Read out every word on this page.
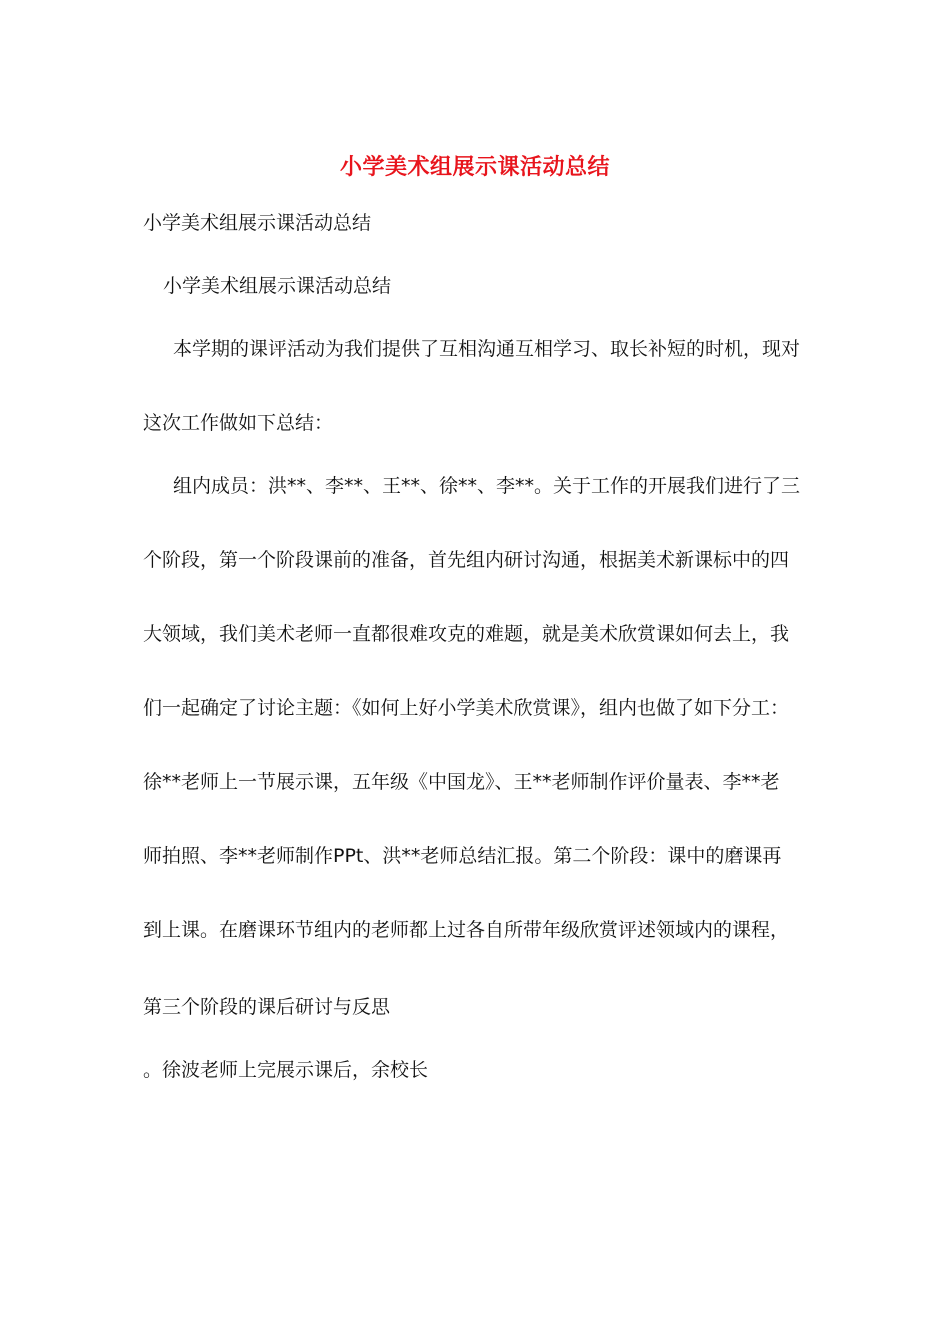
小学美术组展示课活动总结
小学美术组展示课活动总结
小学美术组展示课活动总结
本学期的课评活动为我们提供了互相沟通互相学习、取长补短的时机，现对
这次工作做如下总结：
组内成员：洪**、李**、王**、徐**、李**。关于工作的开展我们进行了三
个阶段，第一个阶段课前的准备，首先组内研讨沟通，根据美术新课标中的四
大领域，我们美术老师一直都很难攻克的难题，就是美术欣赏课如何去上，我
们一起确定了讨论主题：《如何上好小学美术欣赏课》，组内也做了如下分工：
徐**老师上一节展示课，五年级《中国龙》、王**老师制作评价量表、李**老
师拍照、李**老师制作PPt、洪**老师总结汇报。第二个阶段：课中的磨课再
到上课。在磨课环节组内的老师都上过各自所带年级欣赏评述领域内的课程，
第三个阶段的课后研讨与反思
。徐波老师上完展示课后，余校长
